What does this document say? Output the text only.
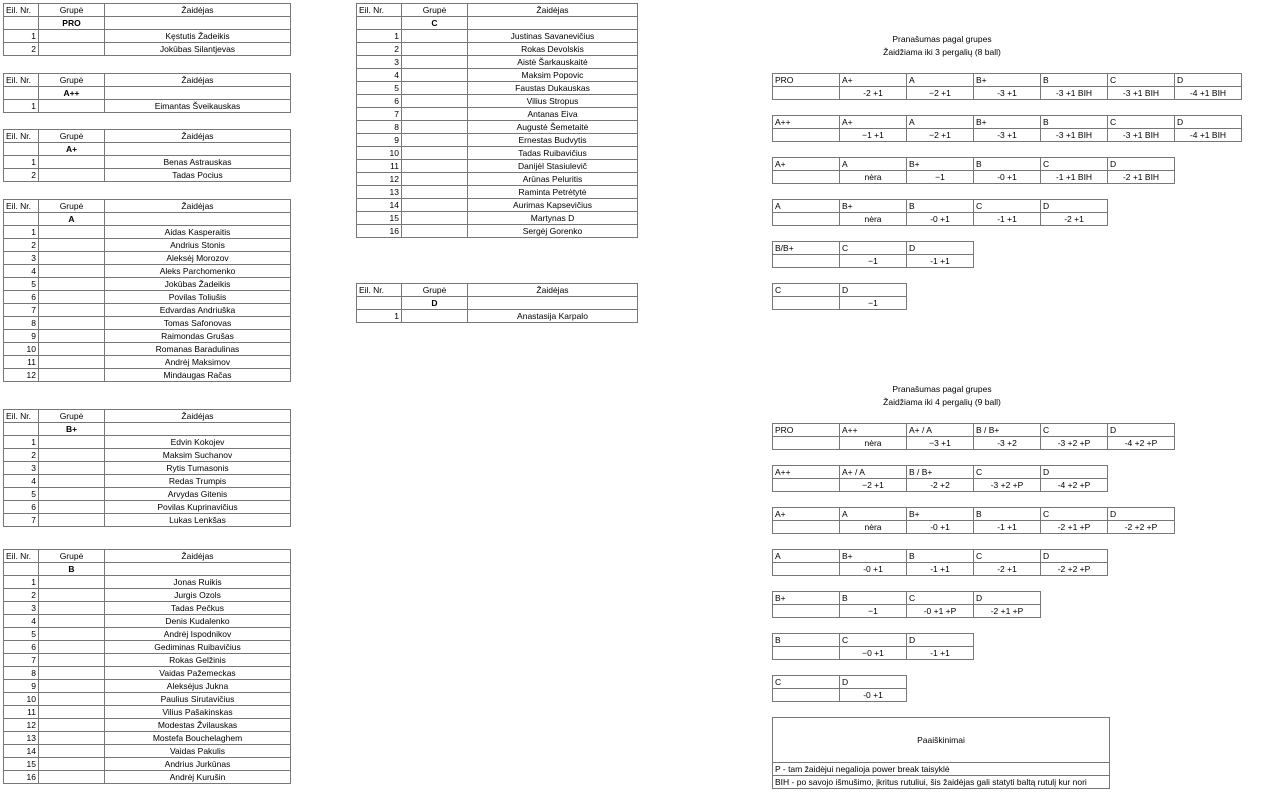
Eil. Nr.	Grupė	Žaidėjas
	PRO	
1		Kęstutis Žadeikis
2		Jokūbas Silantjevas
Eil. Nr.	Grupė	Žaidėjas
	A++	
1		Eimantas Šveikauskas
Eil. Nr.	Grupė	Žaidėjas
	A+	
1		Benas Astrauskas
2		Tadas Pocius
Eil. Nr.	Grupė	Žaidėjas
	A	
1		Aidas Kasperaitis
2		Andrius Stonis
3		Aleksėj Morozov
4		Aleks Parchomenko
5		Jokūbas Žadeikis
6		Povilas Toliušis
7		Edvardas Andriuška
8		Tomas Safonovas
9		Raimondas Grušas
10		Romanas Baradulinas
11		Andrėj Maksimov
12		Mindaugas Račas
Eil. Nr.	Grupė	Žaidėjas
	B+	
1		Edvin Kokojev
2		Maksim Suchanov
3		Rytis Tumasonis
4		Redas Trumpis
5		Arvydas Gitenis
6		Povilas Kuprinavičius
7		Lukas Lenkšas
Eil. Nr.	Grupė	Žaidėjas
	B	
1		Jonas Ruikis
2		Jurgis Ozols
3		Tadas Pečkus
4		Denis Kudalenko
5		Andrėj Ispodnikov
6		Gediminas Ruibavičius
7		Rokas Gelžinis
8		Vaidas Pažemeckas
9		Aleksėjus Jukna
10		Paulius Sirutavičius
11		Vilius Pašakinskas
12		Modestas Žvilauskas
13		Mostefa Bouchelaghem
14		Vaidas Pakulis
15		Andrius Jurkūnas
16		Andrėj Kurušin
Eil. Nr.	Grupė	Žaidėjas
	C	
1		Justinas Savanevičius
2		Rokas Devolskis
3		Aistė Šarkauskaitė
4		Maksim Popovic
5		Faustas Dukauskas
6		Vilius Stropus
7		Antanas Eiva
8		Augustė Šemetaitė
9		Ernestas Budvytis
10		Tadas Ruibavičius
11		Danijėl Stasiulevič
12		Arūnas Peluritis
13		Raminta Petrėtytė
14		Aurimas Kapsevičius
15		Martynas D
16		Sergėj Gorenko
Eil. Nr.	Grupė	Žaidėjas
	D	
1		Anastasija Karpalo
Pranašumas pagal grupes
Žaidžiama iki 3 pergalių (8 ball)
PRO	A+	A	B+	B	C	D
	-2 +1	−2 +1	-3 +1	-3 +1 BIH	-3 +1 BIH	-4 +1 BIH
A++	A+	A	B+	B	C	D
	−1 +1	−2 +1	-3 +1	-3 +1 BIH	-3 +1 BIH	-4 +1 BIH
A+	A	B+	B	C	D
	nėra	−1	-0 +1	-1 +1 BIH	-2 +1 BIH
A	B+	B	C	D
	nėra	-0 +1	-1 +1	-2 +1
B/B+	C	D
	−1	-1 +1
C	D
	−1
Pranašumas pagal grupes
Žaidžiama iki 4 pergalių (9 ball)
PRO	A++	A+ / A	B / B+	C	D
	nėra	−3 +1	-3 +2	-3 +2 +P	-4 +2 +P
A++	A+ / A	B / B+	C	D
	−2 +1	-2 +2	-3 +2 +P	-4 +2 +P
A+	A	B+	B	C	D
	nėra	-0 +1	-1 +1	-2 +1 +P	-2 +2 +P
A	B+	B	C	D
	-0 +1	-1 +1	-2 +1	-2 +2 +P
B+	B	C	D
	−1	-0 +1 +P	-2 +1 +P
B	C	D
	−0 +1	-1 +1
C	D
	-0 +1
Paaiškinimai
P - tam žaidėjui negalioja power break taisyklė
BIH - po savojo išmušimo, įkritus rutuliui, šis žaidėjas gali statyti baltą rutulį kur nori
